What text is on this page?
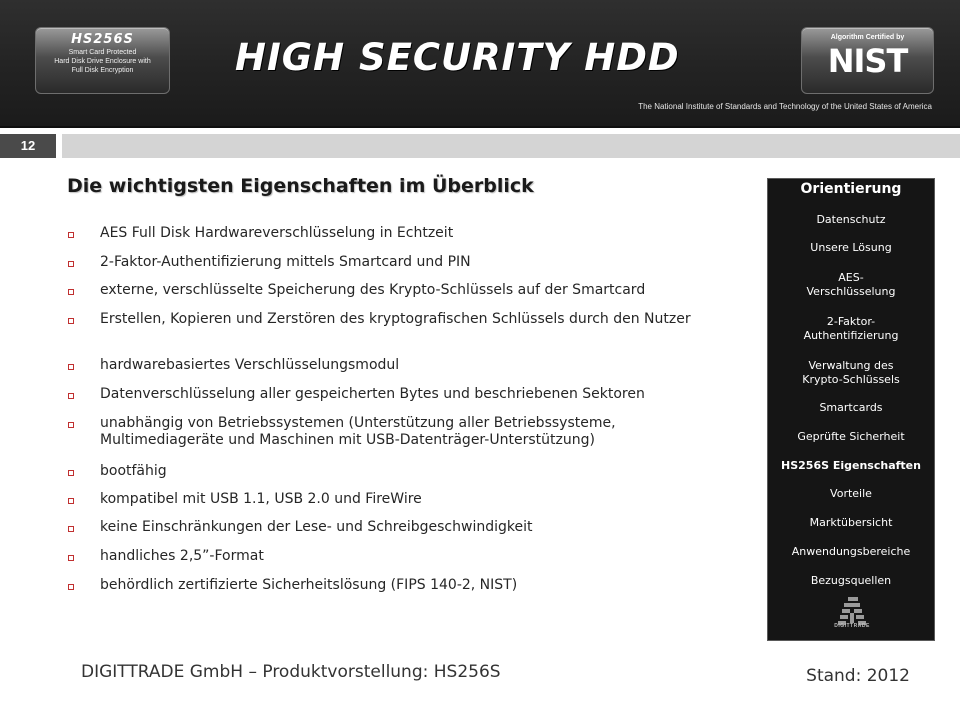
HS256S
Smart Card Protected
Hard Disk Drive Enclosure with
Full Disk Encryption	HIGH SECURITY HDD	Algorithm Certified by
NIST
The National Institute of Standards and Technology of the United States of America
12
Die wichtigsten Eigenschaften im Überblick
AES Full Disk Hardwareverschlüsselung in Echtzeit
2-Faktor-Authentifizierung mittels Smartcard und PIN
externe, verschlüsselte Speicherung des Krypto-Schlüssels auf der Smartcard
Erstellen, Kopieren und Zerstören des kryptografischen Schlüssels durch den Nutzer
hardwarebasiertes Verschlüsselungsmodul
Datenverschlüsselung aller gespeicherten Bytes und beschriebenen Sektoren
unabhängig von Betriebssystemen (Unterstützung aller Betriebssysteme, Multimediageräte und Maschinen mit USB-Datenträger-Unterstützung)
bootfähig
kompatibel mit USB 1.1, USB 2.0 und FireWire
keine Einschränkungen der Lese- und Schreibgeschwindigkeit
handliches 2,5”-Format
behördlich zertifizierte Sicherheitslösung (FIPS 140-2, NIST)
Orientierung
DIGITTRADE
Datenschutz
Unsere Lösung
AES-
Verschlüsselung
2-Faktor-
Authentifizierung
Verwaltung des
Krypto-Schlüssels
Smartcards
Geprüfte Sicherheit
HS256S Eigenschaften
Vorteile
Marktübersicht
Anwendungsbereiche
Bezugsquellen
DIGITTRADE GmbH – Produktvorstellung: HS256S	Stand: 2012
